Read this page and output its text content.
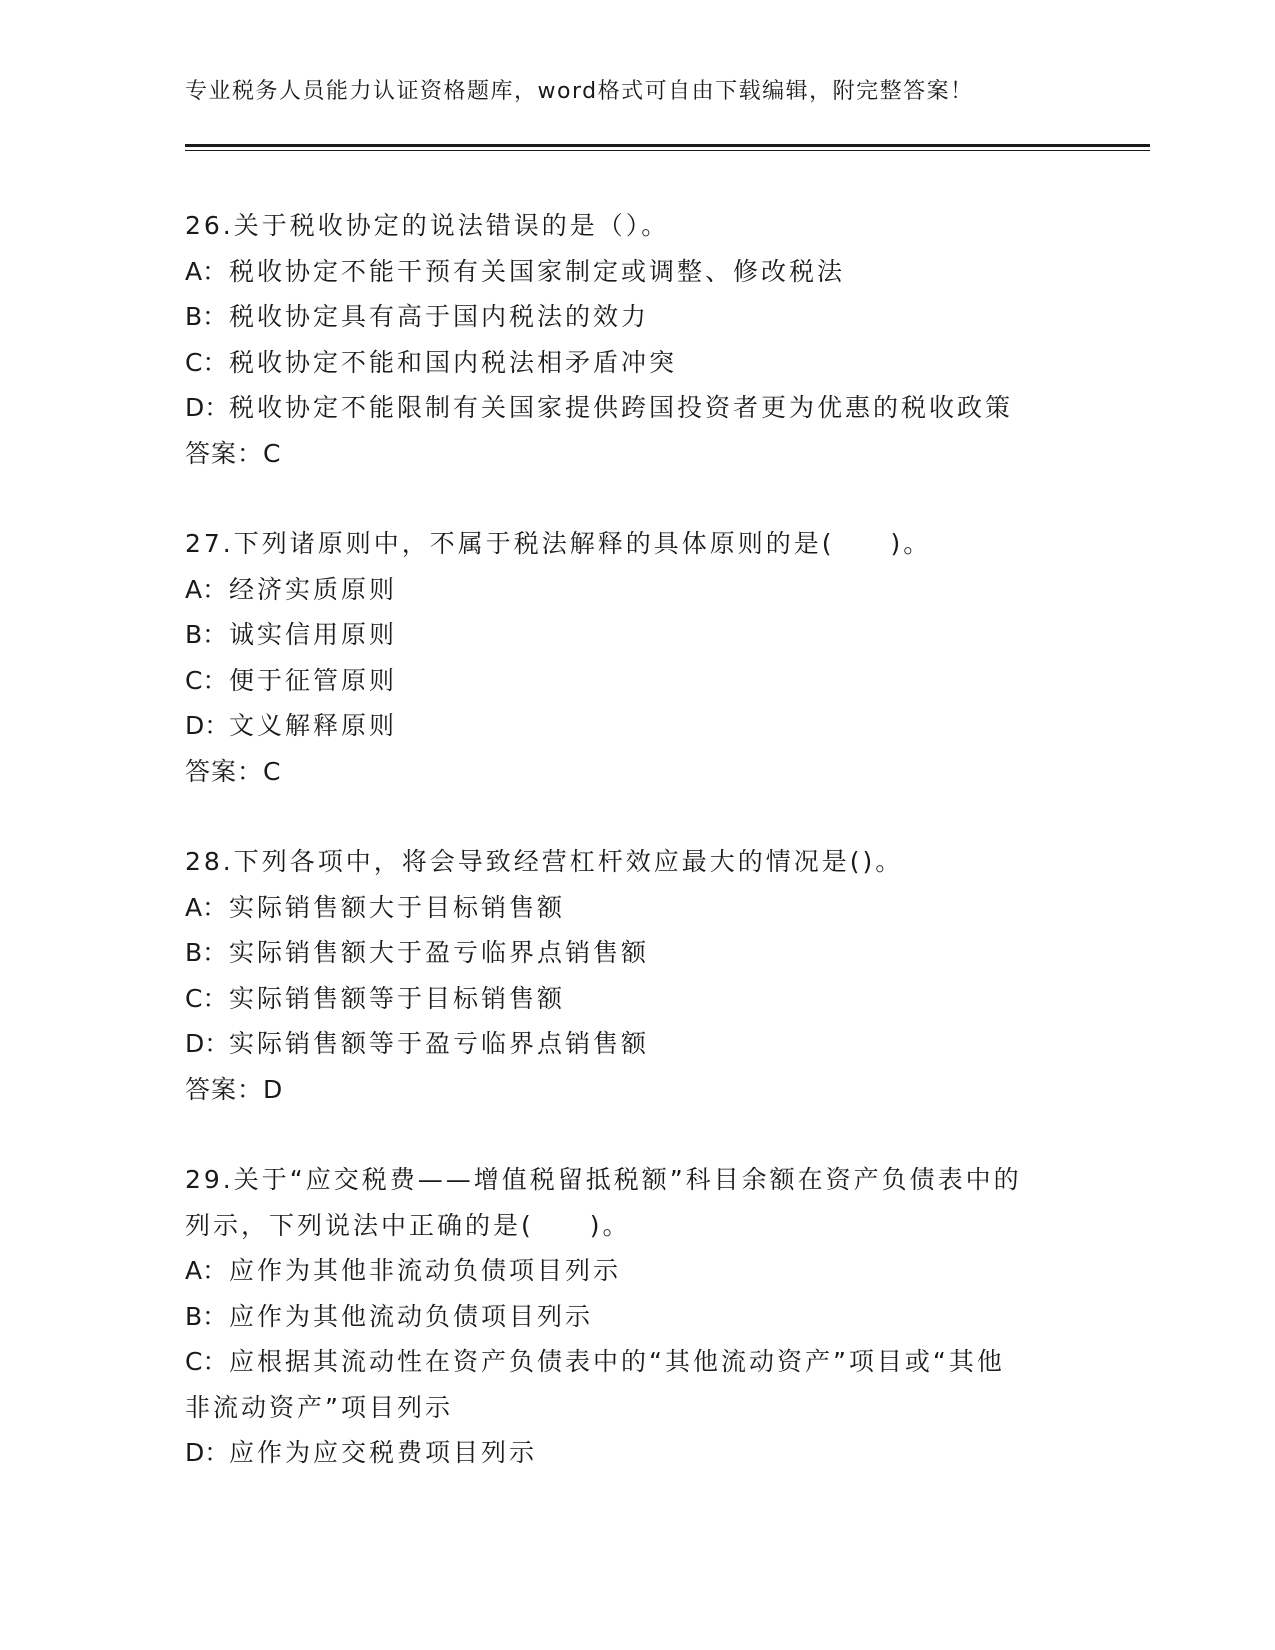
专业税务人员能力认证资格题库，word格式可自由下载编辑，附完整答案！
26.关于税收协定的说法错误的是（）。
A：税收协定不能干预有关国家制定或调整、修改税法
B：税收协定具有高于国内税法的效力
C：税收协定不能和国内税法相矛盾冲突
D：税收协定不能限制有关国家提供跨国投资者更为优惠的税收政策
答案：C
27.下列诸原则中，不属于税法解释的具体原则的是(　　)。
A：经济实质原则
B：诚实信用原则
C：便于征管原则
D：文义解释原则
答案：C
28.下列各项中，将会导致经营杠杆效应最大的情况是()。
A：实际销售额大于目标销售额
B：实际销售额大于盈亏临界点销售额
C：实际销售额等于目标销售额
D：实际销售额等于盈亏临界点销售额
答案：D
29.关于“应交税费——增值税留抵税额”科目余额在资产负债表中的
列示，下列说法中正确的是(　　)。
A：应作为其他非流动负债项目列示
B：应作为其他流动负债项目列示
C：应根据其流动性在资产负债表中的“其他流动资产”项目或“其他
非流动资产”项目列示
D：应作为应交税费项目列示
